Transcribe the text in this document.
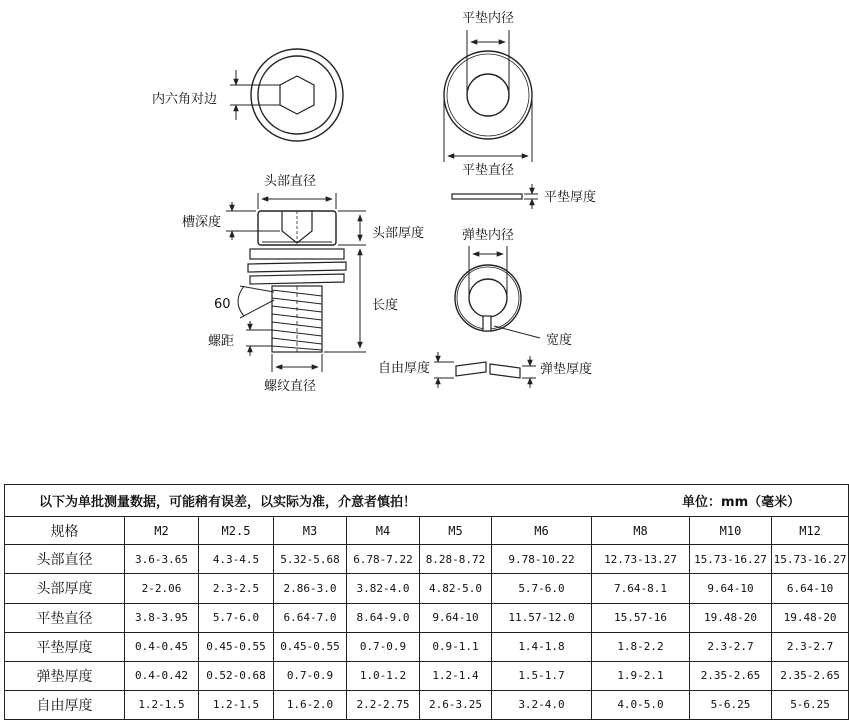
内六角对边
头部直径
槽深度
头部厚度
60	长度
螺距
螺纹直径
平垫内径
平垫直径
平垫厚度
弹垫内径
宽度
自由厚度	弹垫厚度
以下为单批测量数据，可能稍有误差，以实际为准，介意者慎拍！ 单位：mm（毫米）									

规格	M2	M2.5	M3	M4	M5	M6	M8	M10	M12
头部直径	3.6-3.65	4.3-4.5	5.32-5.68	6.78-7.22	8.28-8.72	9.78-10.22	12.73-13.27	15.73-16.27	15.73-16.27
头部厚度	2-2.06	2.3-2.5	2.86-3.0	3.82-4.0	4.82-5.0	5.7-6.0	7.64-8.1	9.64-10	6.64-10
平垫直径	3.8-3.95	5.7-6.0	6.64-7.0	8.64-9.0	9.64-10	11.57-12.0	15.57-16	19.48-20	19.48-20
平垫厚度	0.4-0.45	0.45-0.55	0.45-0.55	0.7-0.9	0.9-1.1	1.4-1.8	1.8-2.2	2.3-2.7	2.3-2.7
弹垫厚度	0.4-0.42	0.52-0.68	0.7-0.9	1.0-1.2	1.2-1.4	1.5-1.7	1.9-2.1	2.35-2.65	2.35-2.65
自由厚度	1.2-1.5	1.2-1.5	1.6-2.0	2.2-2.75	2.6-3.25	3.2-4.0	4.0-5.0	5-6.25	5-6.25
